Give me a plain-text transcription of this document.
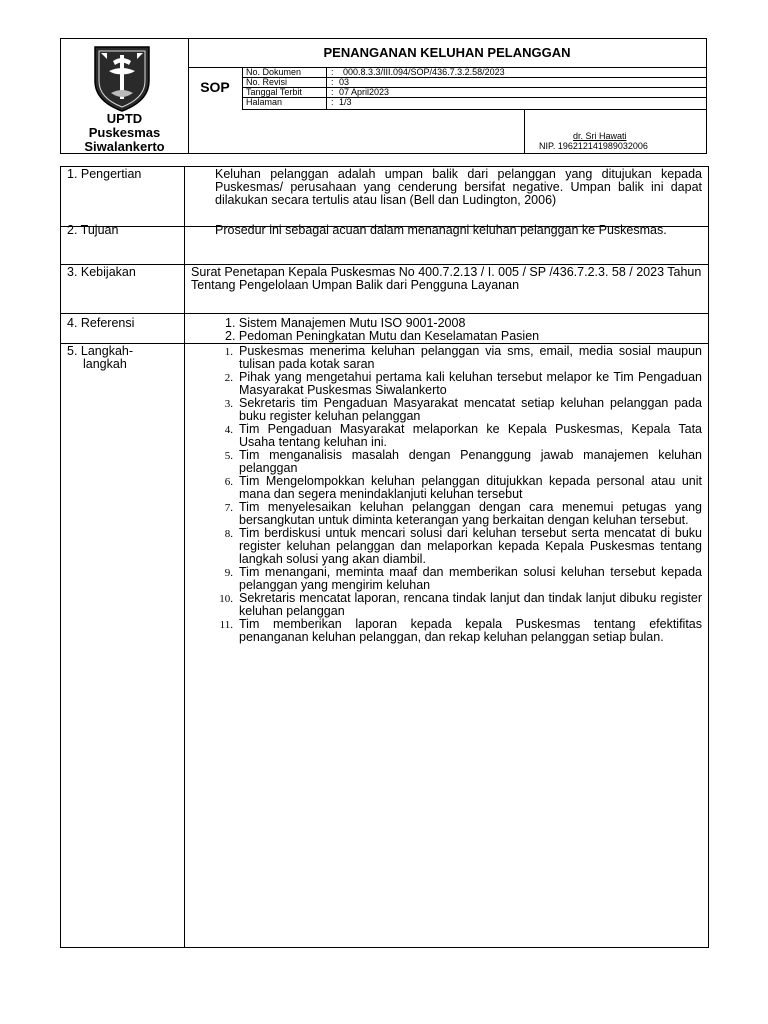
UPTD
Puskesmas
Siwalankerto
PENANGANAN KELUHAN PELANGGAN
SOP
No. Dokumen	: 000.8.3.3/III.094/SOP/436.7.3.2.58/2023
No. Revisi	: 03
Tanggal Terbit	: 07 April2023
Halaman	: 1/3
dr. Sri Hawati
NIP. 196212141989032006
1. Pengertian	Keluhan pelanggan adalah umpan balik dari pelanggan yang ditujukan kepada Puskesmas/ perusahaan yang cenderung bersifat negative. Umpan balik ini dapat dilakukan secara tertulis atau lisan (Bell dan Ludington, 2006)
2. Tujuan	Prosedur ini sebagai acuan dalam menanagni keluhan pelanggan ke Puskesmas.
3. Kebijakan	Surat Penetapan Kepala Puskesmas No 400.7.2.13 / I. 005 / SP /436.7.2.3. 58 / 2023 Tahun Tentang Pengelolaan Umpan Balik dari Pengguna Layanan
4. Referensi	1. Sistem Manajemen Mutu ISO 9001-2008
2. Pedoman Peningkatan Mutu dan Keselamatan Pasien
5. Langkah-
langkah
1. Puskesmas menerima keluhan pelanggan via sms, email, media sosial maupun tulisan pada kotak saran
2. Pihak yang mengetahui pertama kali keluhan tersebut melapor ke Tim Pengaduan Masyarakat Puskesmas Siwalankerto
3. Sekretaris tim Pengaduan Masyarakat mencatat setiap keluhan pelanggan pada buku register keluhan pelanggan
4. Tim Pengaduan Masyarakat melaporkan ke Kepala Puskesmas, Kepala Tata Usaha tentang keluhan ini.
5. Tim menganalisis masalah dengan Penanggung jawab manajemen keluhan pelanggan
6. Tim Mengelompokkan keluhan pelanggan ditujukkan kepada personal atau unit mana dan segera menindaklanjuti keluhan tersebut
7. Tim menyelesaikan keluhan pelanggan dengan cara menemui petugas yang bersangkutan untuk diminta keterangan yang berkaitan dengan keluhan tersebut.
8. Tim berdiskusi untuk mencari solusi dari keluhan tersebut serta mencatat di buku register keluhan pelanggan dan melaporkan kepada Kepala Puskesmas tentang langkah solusi yang akan diambil.
9. Tim menangani, meminta maaf dan memberikan solusi keluhan tersebut kepada pelanggan yang mengirim keluhan
10. Sekretaris mencatat laporan, rencana tindak lanjut dan tindak lanjut dibuku register keluhan pelanggan
11. Tim memberikan laporan kepada kepala Puskesmas tentang efektifitas penanganan keluhan pelanggan, dan rekap keluhan pelanggan setiap bulan.
